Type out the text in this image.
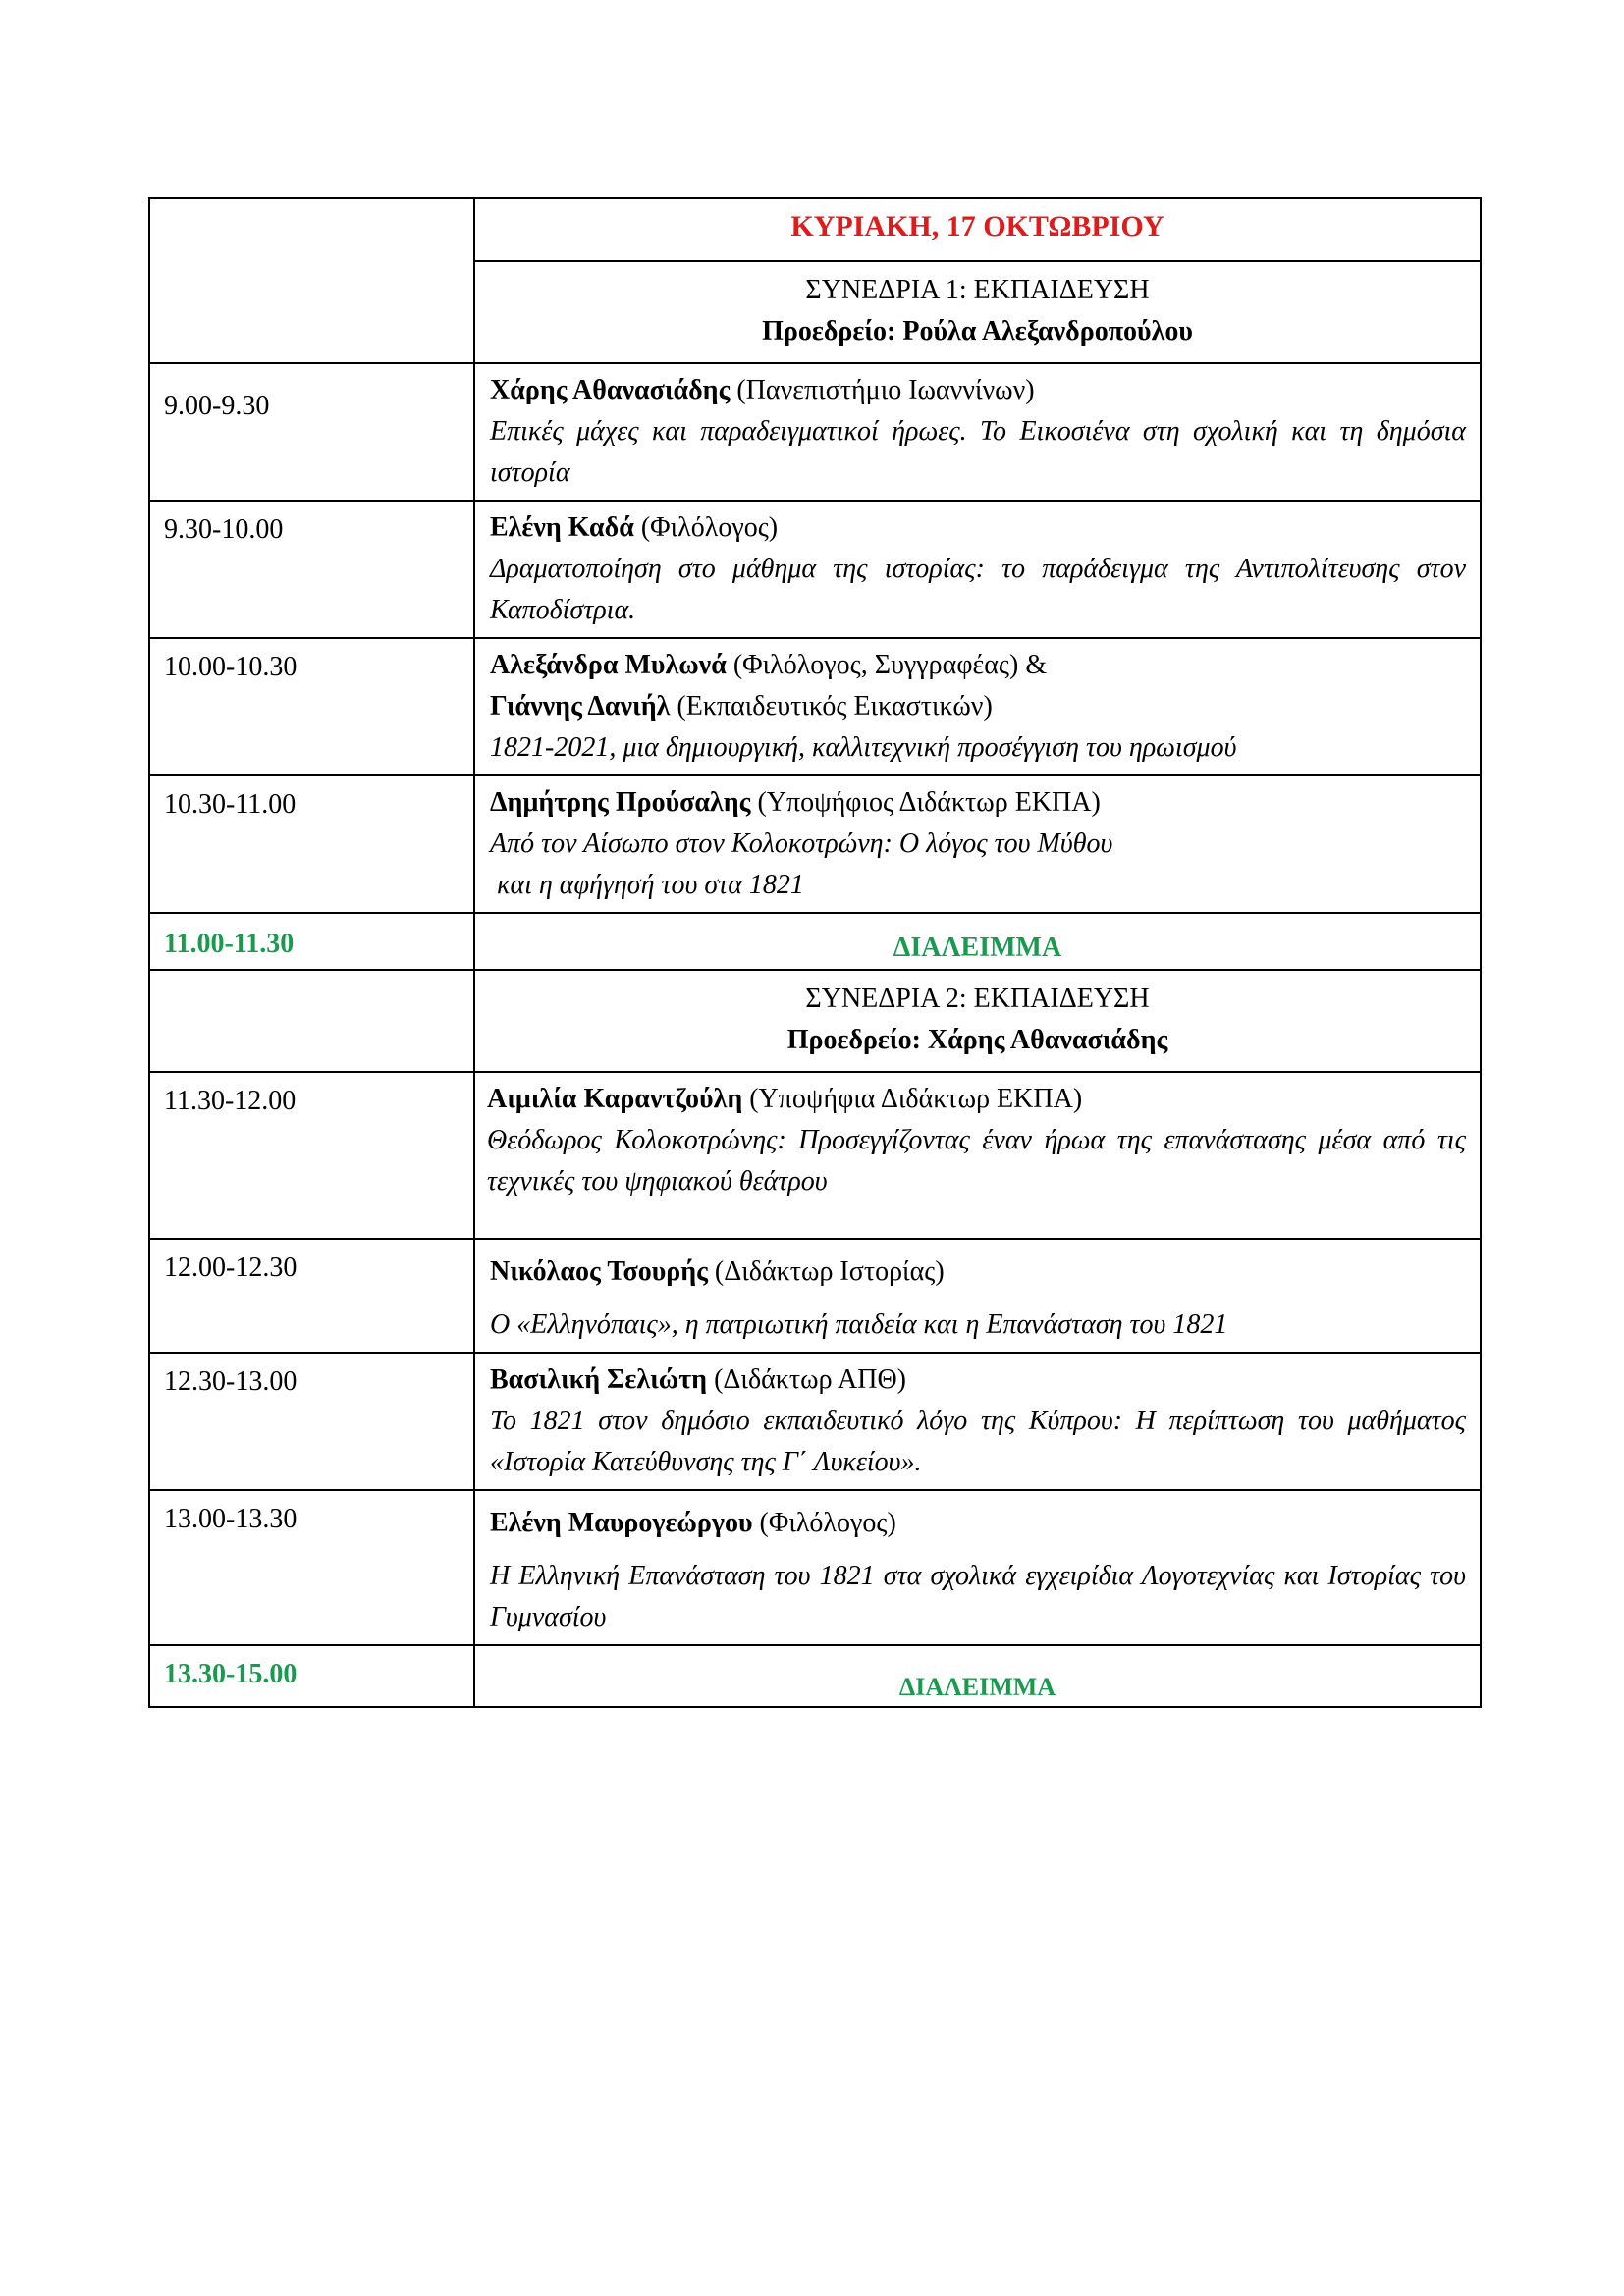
	ΚΥΡΙΑΚΗ, 17 ΟΚΤΩΒΡΙΟΥ

	ΣΥΝΕΔΡΙΑ 1: ΕΚΠΑΙΔΕΥΣΗ
Προεδρείο: Ρούλα Αλεξανδροπούλου

9.00-9.30	Χάρης Αθανασιάδης (Πανεπιστήμιο Ιωαννίνων)
Επικές μάχες και παραδειγματικοί ήρωες. Το Εικοσιένα στη σχολική και τη δημόσια ιστορία

9.30-10.00	Ελένη Καδά (Φιλόλογος)
Δραματοποίηση στο μάθημα της ιστορίας: το παράδειγμα της Αντιπολίτευσης στον Καποδίστρια.

10.00-10.30	Αλεξάνδρα Μυλωνά (Φιλόλογος, Συγγραφέας) &
Γιάννης Δανιήλ (Εκπαιδευτικός Εικαστικών)
1821-2021, μια δημιουργική, καλλιτεχνική προσέγγιση του ηρωισμού

10.30-11.00	Δημήτρης Προύσαλης (Υποψήφιος Διδάκτωρ ΕΚΠΑ)
Από τον Αίσωπο στον Κολοκοτρώνη: Ο λόγος του Μύθου
και η αφήγησή του στα 1821

11.00-11.30	ΔΙΑΛΕΙΜΜΑ

	ΣΥΝΕΔΡΙΑ 2: ΕΚΠΑΙΔΕΥΣΗ
Προεδρείο: Χάρης Αθανασιάδης

11.30-12.00	Αιμιλία Καραντζούλη (Υποψήφια Διδάκτωρ ΕΚΠΑ)
Θεόδωρος Κολοκοτρώνης: Προσεγγίζοντας έναν ήρωα της επανάστασης μέσα από τις τεχνικές του ψηφιακού θεάτρου

12.00-12.30	Νικόλαος Τσουρής (Διδάκτωρ Ιστορίας)
Ο «Ελληνόπαις», η πατριωτική παιδεία και η Επανάσταση του 1821

12.30-13.00	Βασιλική Σελιώτη (Διδάκτωρ ΑΠΘ)
Το 1821 στον δημόσιο εκπαιδευτικό λόγο της Κύπρου: Η περίπτωση του μαθήματος «Ιστορία Κατεύθυνσης της Γ΄ Λυκείου».

13.00-13.30	Ελένη Μαυρογεώργου (Φιλόλογος)
Η Ελληνική Επανάσταση του 1821 στα σχολικά εγχειρίδια Λογοτεχνίας και Ιστορίας του Γυμνασίου

13.30-15.00	ΔΙΑΛΕΙΜΜΑ
